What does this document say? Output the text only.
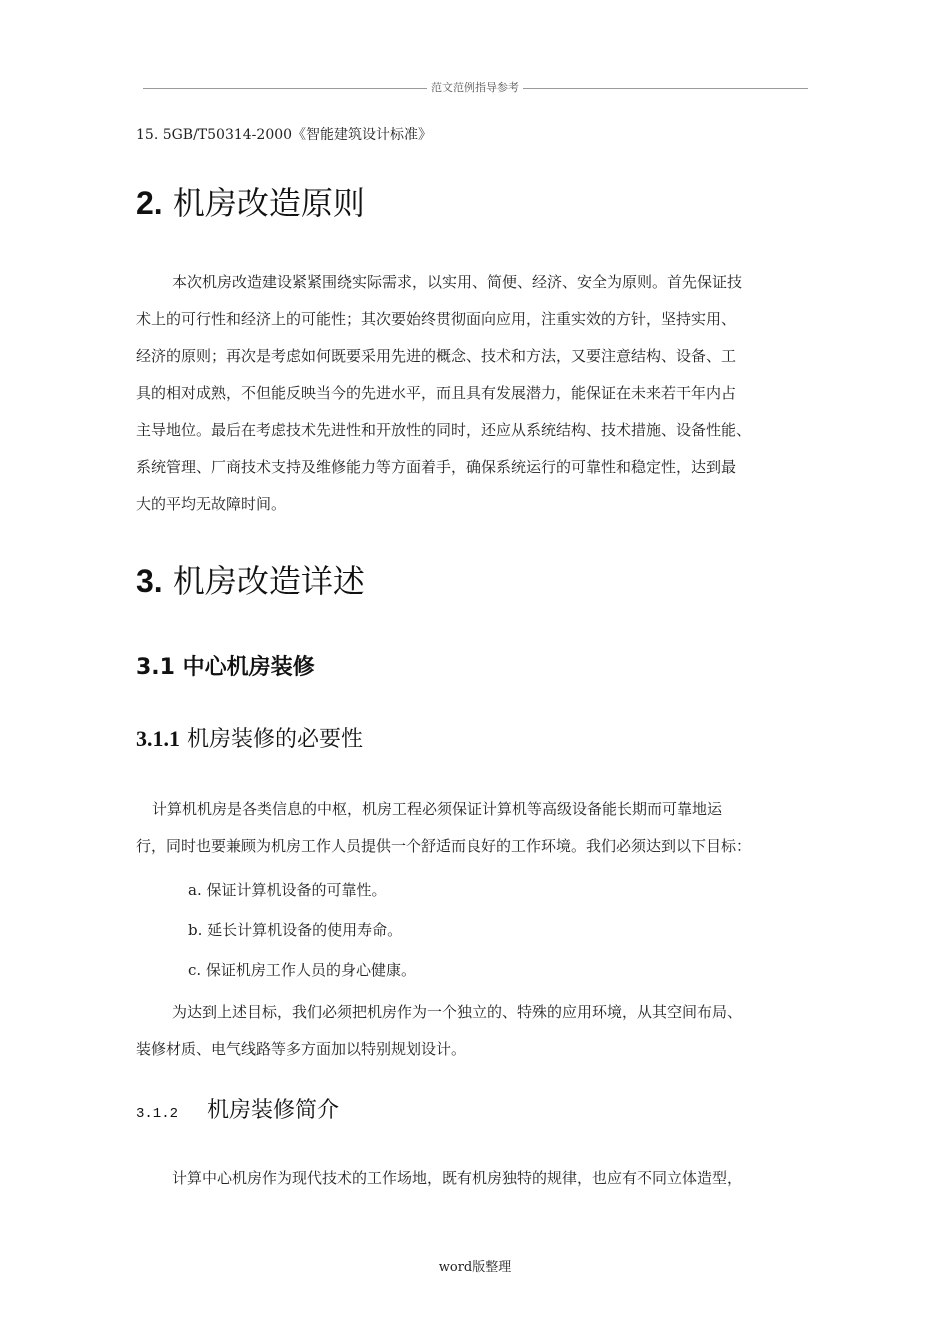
范文范例指导参考
15. 5GB/T50314-2000《智能建筑设计标准》
2. 机房改造原则
本次机房改造建设紧紧围绕实际需求，以实用、简便、经济、安全为原则。首先保证技
术上的可行性和经济上的可能性；其次要始终贯彻面向应用，注重实效的方针，坚持实用、
经济的原则；再次是考虑如何既要采用先进的概念、技术和方法，又要注意结构、设备、工
具的相对成熟，不但能反映当今的先进水平，而且具有发展潜力，能保证在未来若干年内占
主导地位。最后在考虑技术先进性和开放性的同时，还应从系统结构、技术措施、设备性能、
系统管理、厂商技术支持及维修能力等方面着手，确保系统运行的可靠性和稳定性，达到最
大的平均无故障时间。
3. 机房改造详述
3.1 中心机房装修
3.1.1 机房装修的必要性
计算机机房是各类信息的中枢，机房工程必须保证计算机等高级设备能长期而可靠地运
行，同时也要兼顾为机房工作人员提供一个舒适而良好的工作环境。我们必须达到以下目标：
a. 保证计算机设备的可靠性。
b. 延长计算机设备的使用寿命。
c. 保证机房工作人员的身心健康。
为达到上述目标，我们必须把机房作为一个独立的、特殊的应用环境，从其空间布局、
装修材质、电气线路等多方面加以特别规划设计。
3.1.2 机房装修简介
计算中心机房作为现代技术的工作场地，既有机房独特的规律，也应有不同立体造型，
word版整理
